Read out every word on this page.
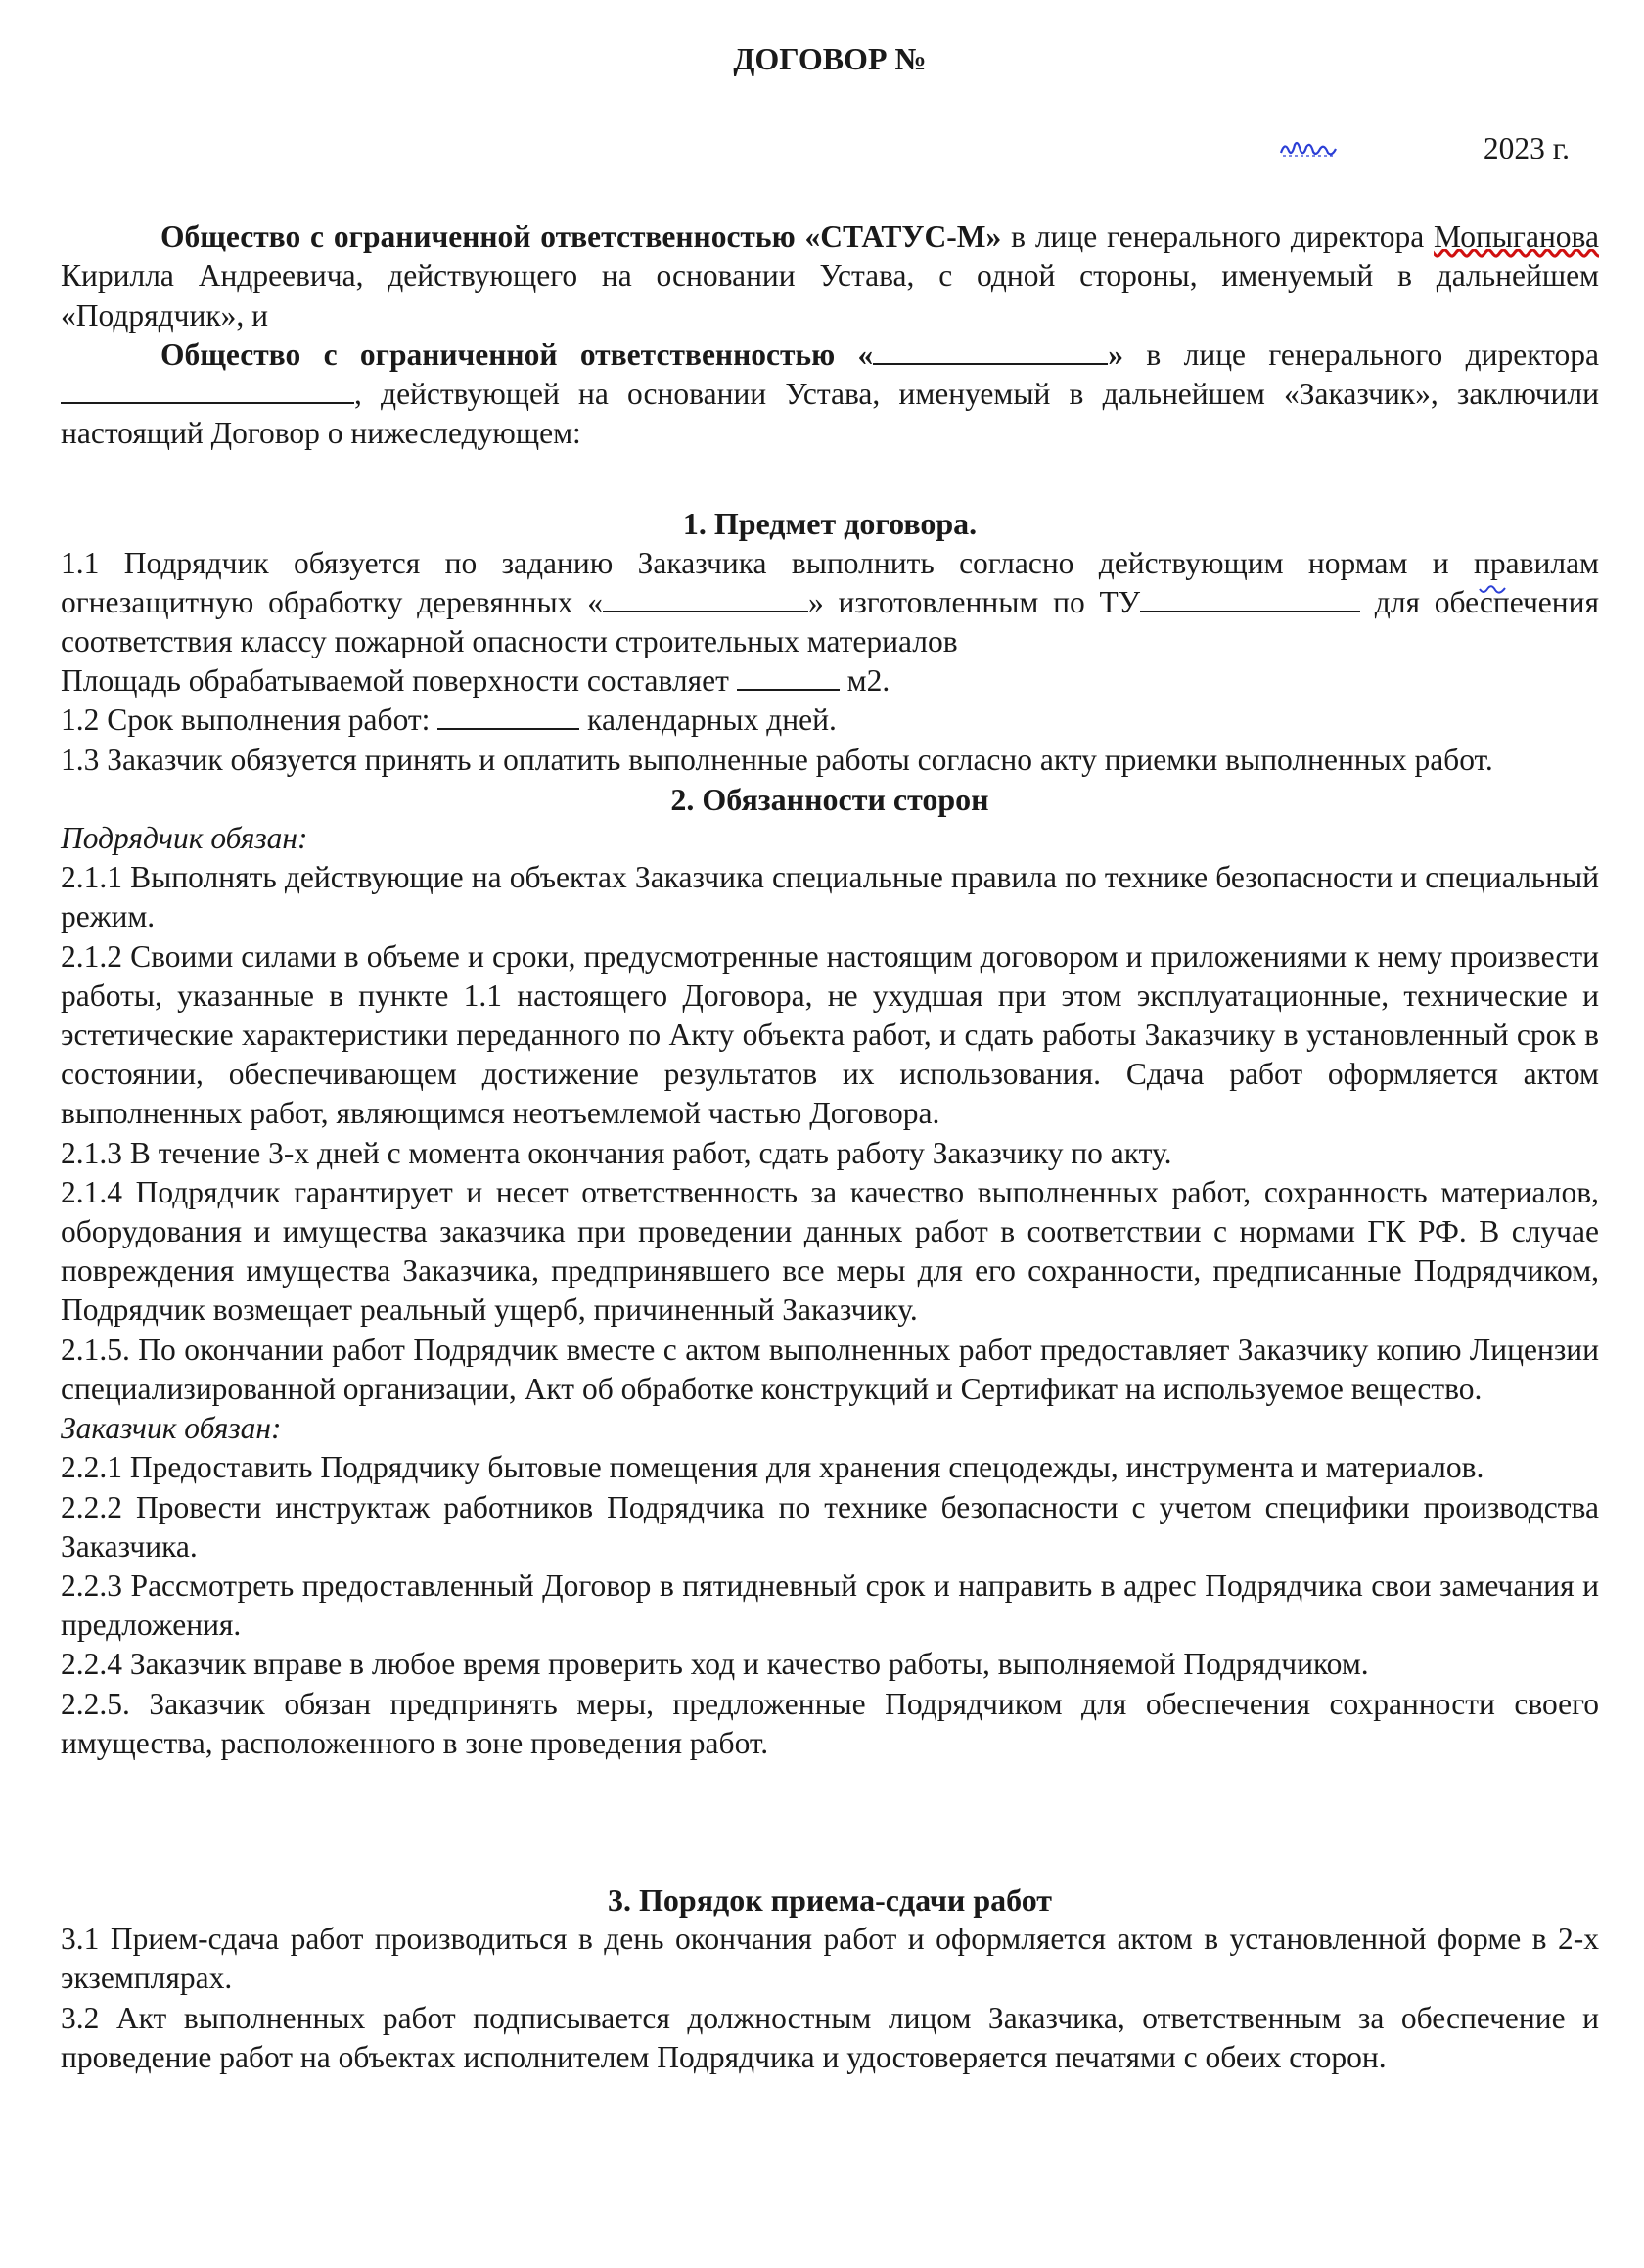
ДОГОВОР №
2023 г.

Общество с ограниченной ответственностью «СТАТУС-М» в лице генерального директора Мопыганова Кирилла Андреевича, действующего на основании Устава, с одной стороны, именуемый в дальнейшем «Подрядчик», и

Общество с ограниченной ответственностью «	» в лице генерального директора, действующей на основании Устава, именуемый в дальнейшем «Заказчик», заключили настоящий Договор о нижеследующем:

1. Предмет договора.

1.1 Подрядчик обязуется по заданию Заказчика выполнить согласно действующим нормам и правилам огнезащитную обработку деревянных «	» изготовленным по ТУ	для обеспечения соответствия классу пожарной опасности строительных материалов

Площадь обрабатываемой поверхности составляет	м2.

1.2 Срок выполнения работ:	календарных дней.

1.3 Заказчик обязуется принять и оплатить выполненные работы согласно акту приемки выполненных работ.

2. Обязанности сторон

Подрядчик обязан:

2.1.1 Выполнять действующие на объектах Заказчика специальные правила по технике безопасности и специальный режим.

2.1.2 Своими силами в объеме и сроки, предусмотренные настоящим договором и приложениями к нему произвести работы, указанные в пункте 1.1 настоящего Договора, не ухудшая при этом эксплуатационные, технические и эстетические характеристики переданного по Акту объекта работ, и сдать работы Заказчику в установленный срок в состоянии, обеспечивающем достижение результатов их использования. Сдача работ оформляется актом выполненных работ, являющимся неотъемлемой частью Договора.

2.1.3 В течение 3-х дней с момента окончания работ, сдать работу Заказчику по акту.

2.1.4 Подрядчик гарантирует и несет ответственность за качество выполненных работ, сохранность материалов, оборудования и имущества заказчика при проведении данных работ в соответствии с нормами ГК РФ. В случае повреждения имущества Заказчика, предпринявшего все меры для его сохранности, предписанные Подрядчиком, Подрядчик возмещает реальный ущерб, причиненный Заказчику.

2.1.5. По окончании работ Подрядчик вместе с актом выполненных работ предоставляет Заказчику копию Лицензии специализированной организации, Акт об обработке конструкций и Сертификат на используемое вещество.

Заказчик обязан:

2.2.1 Предоставить Подрядчику бытовые помещения для хранения спецодежды, инструмента и материалов.

2.2.2 Провести инструктаж работников Подрядчика по технике безопасности с учетом специфики производства Заказчика.

2.2.3 Рассмотреть предоставленный Договор в пятидневный срок и направить в адрес Подрядчика свои замечания и предложения.

2.2.4 Заказчик вправе в любое время проверить ход и качество работы, выполняемой Подрядчиком.

2.2.5. Заказчик обязан предпринять меры, предложенные Подрядчиком для обеспечения сохранности своего имущества, расположенного в зоне проведения работ.

3. Порядок приема-сдачи работ

3.1 Прием-сдача работ производиться в день окончания работ и оформляется актом в установленной форме в 2-х экземплярах.

3.2 Акт выполненных работ подписывается должностным лицом Заказчика, ответственным за обеспечение и проведение работ на объектах исполнителем Подрядчика и удостоверяется печатями с обеих сторон.
